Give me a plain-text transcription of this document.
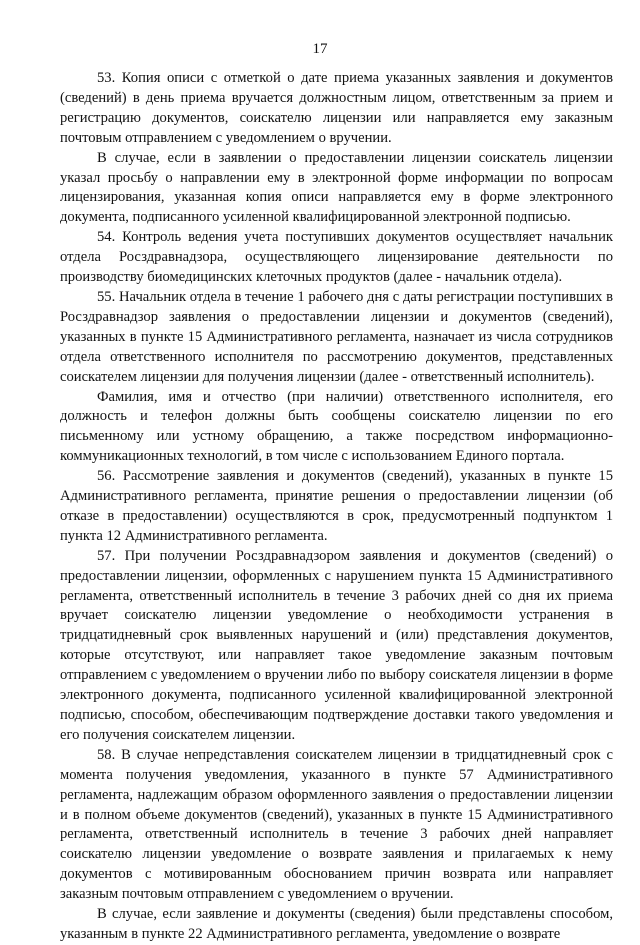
17

53. Копия описи с отметкой о дате приема указанных заявления и документов (сведений) в день приема вручается должностным лицом, ответственным за прием и регистрацию документов, соискателю лицензии или направляется ему заказным почтовым отправлением с уведомлением о вручении.

В случае, если в заявлении о предоставлении лицензии соискатель лицензии указал просьбу о направлении ему в электронной форме информации по вопросам лицензирования, указанная копия описи направляется ему в форме электронного документа, подписанного усиленной квалифицированной электронной подписью.

54. Контроль ведения учета поступивших документов осуществляет начальник отдела Росздравнадзора, осуществляющего лицензирование деятельности по производству биомедицинских клеточных продуктов (далее - начальник отдела).

55. Начальник отдела в течение 1 рабочего дня с даты регистрации поступивших в Росздравнадзор заявления о предоставлении лицензии и документов (сведений), указанных в пункте 15 Административного регламента, назначает из числа сотрудников отдела ответственного исполнителя по рассмотрению документов, представленных соискателем лицензии для получения лицензии (далее - ответственный исполнитель).

Фамилия, имя и отчество (при наличии) ответственного исполнителя, его должность и телефон должны быть сообщены соискателю лицензии по его письменному или устному обращению, а также посредством информационно-коммуникационных технологий, в том числе с использованием Единого портала.

56. Рассмотрение заявления и документов (сведений), указанных в пункте 15 Административного регламента, принятие решения о предоставлении лицензии (об отказе в предоставлении) осуществляются в срок, предусмотренный подпунктом 1 пункта 12 Административного регламента.

57. При получении Росздравнадзором заявления и документов (сведений) о предоставлении лицензии, оформленных с нарушением пункта 15 Административного регламента, ответственный исполнитель в течение 3 рабочих дней со дня их приема вручает соискателю лицензии уведомление о необходимости устранения в тридцатидневный срок выявленных нарушений и (или) представления документов, которые отсутствуют, или направляет такое уведомление заказным почтовым отправлением с уведомлением о вручении либо по выбору соискателя лицензии в форме электронного документа, подписанного усиленной квалифицированной электронной подписью, способом, обеспечивающим подтверждение доставки такого уведомления и его получения соискателем лицензии.

58. В случае непредставления соискателем лицензии в тридцатидневный срок с момента получения уведомления, указанного в пункте 57 Административного регламента, надлежащим образом оформленного заявления о предоставлении лицензии и в полном объеме документов (сведений), указанных в пункте 15 Административного регламента, ответственный исполнитель в течение 3 рабочих дней направляет соискателю лицензии уведомление о возврате заявления и прилагаемых к нему документов с мотивированным обоснованием причин возврата или направляет заказным почтовым отправлением с уведомлением о вручении.

В случае, если заявление и документы (сведения) были представлены способом, указанным в пункте 22 Административного регламента, уведомление о возврате
